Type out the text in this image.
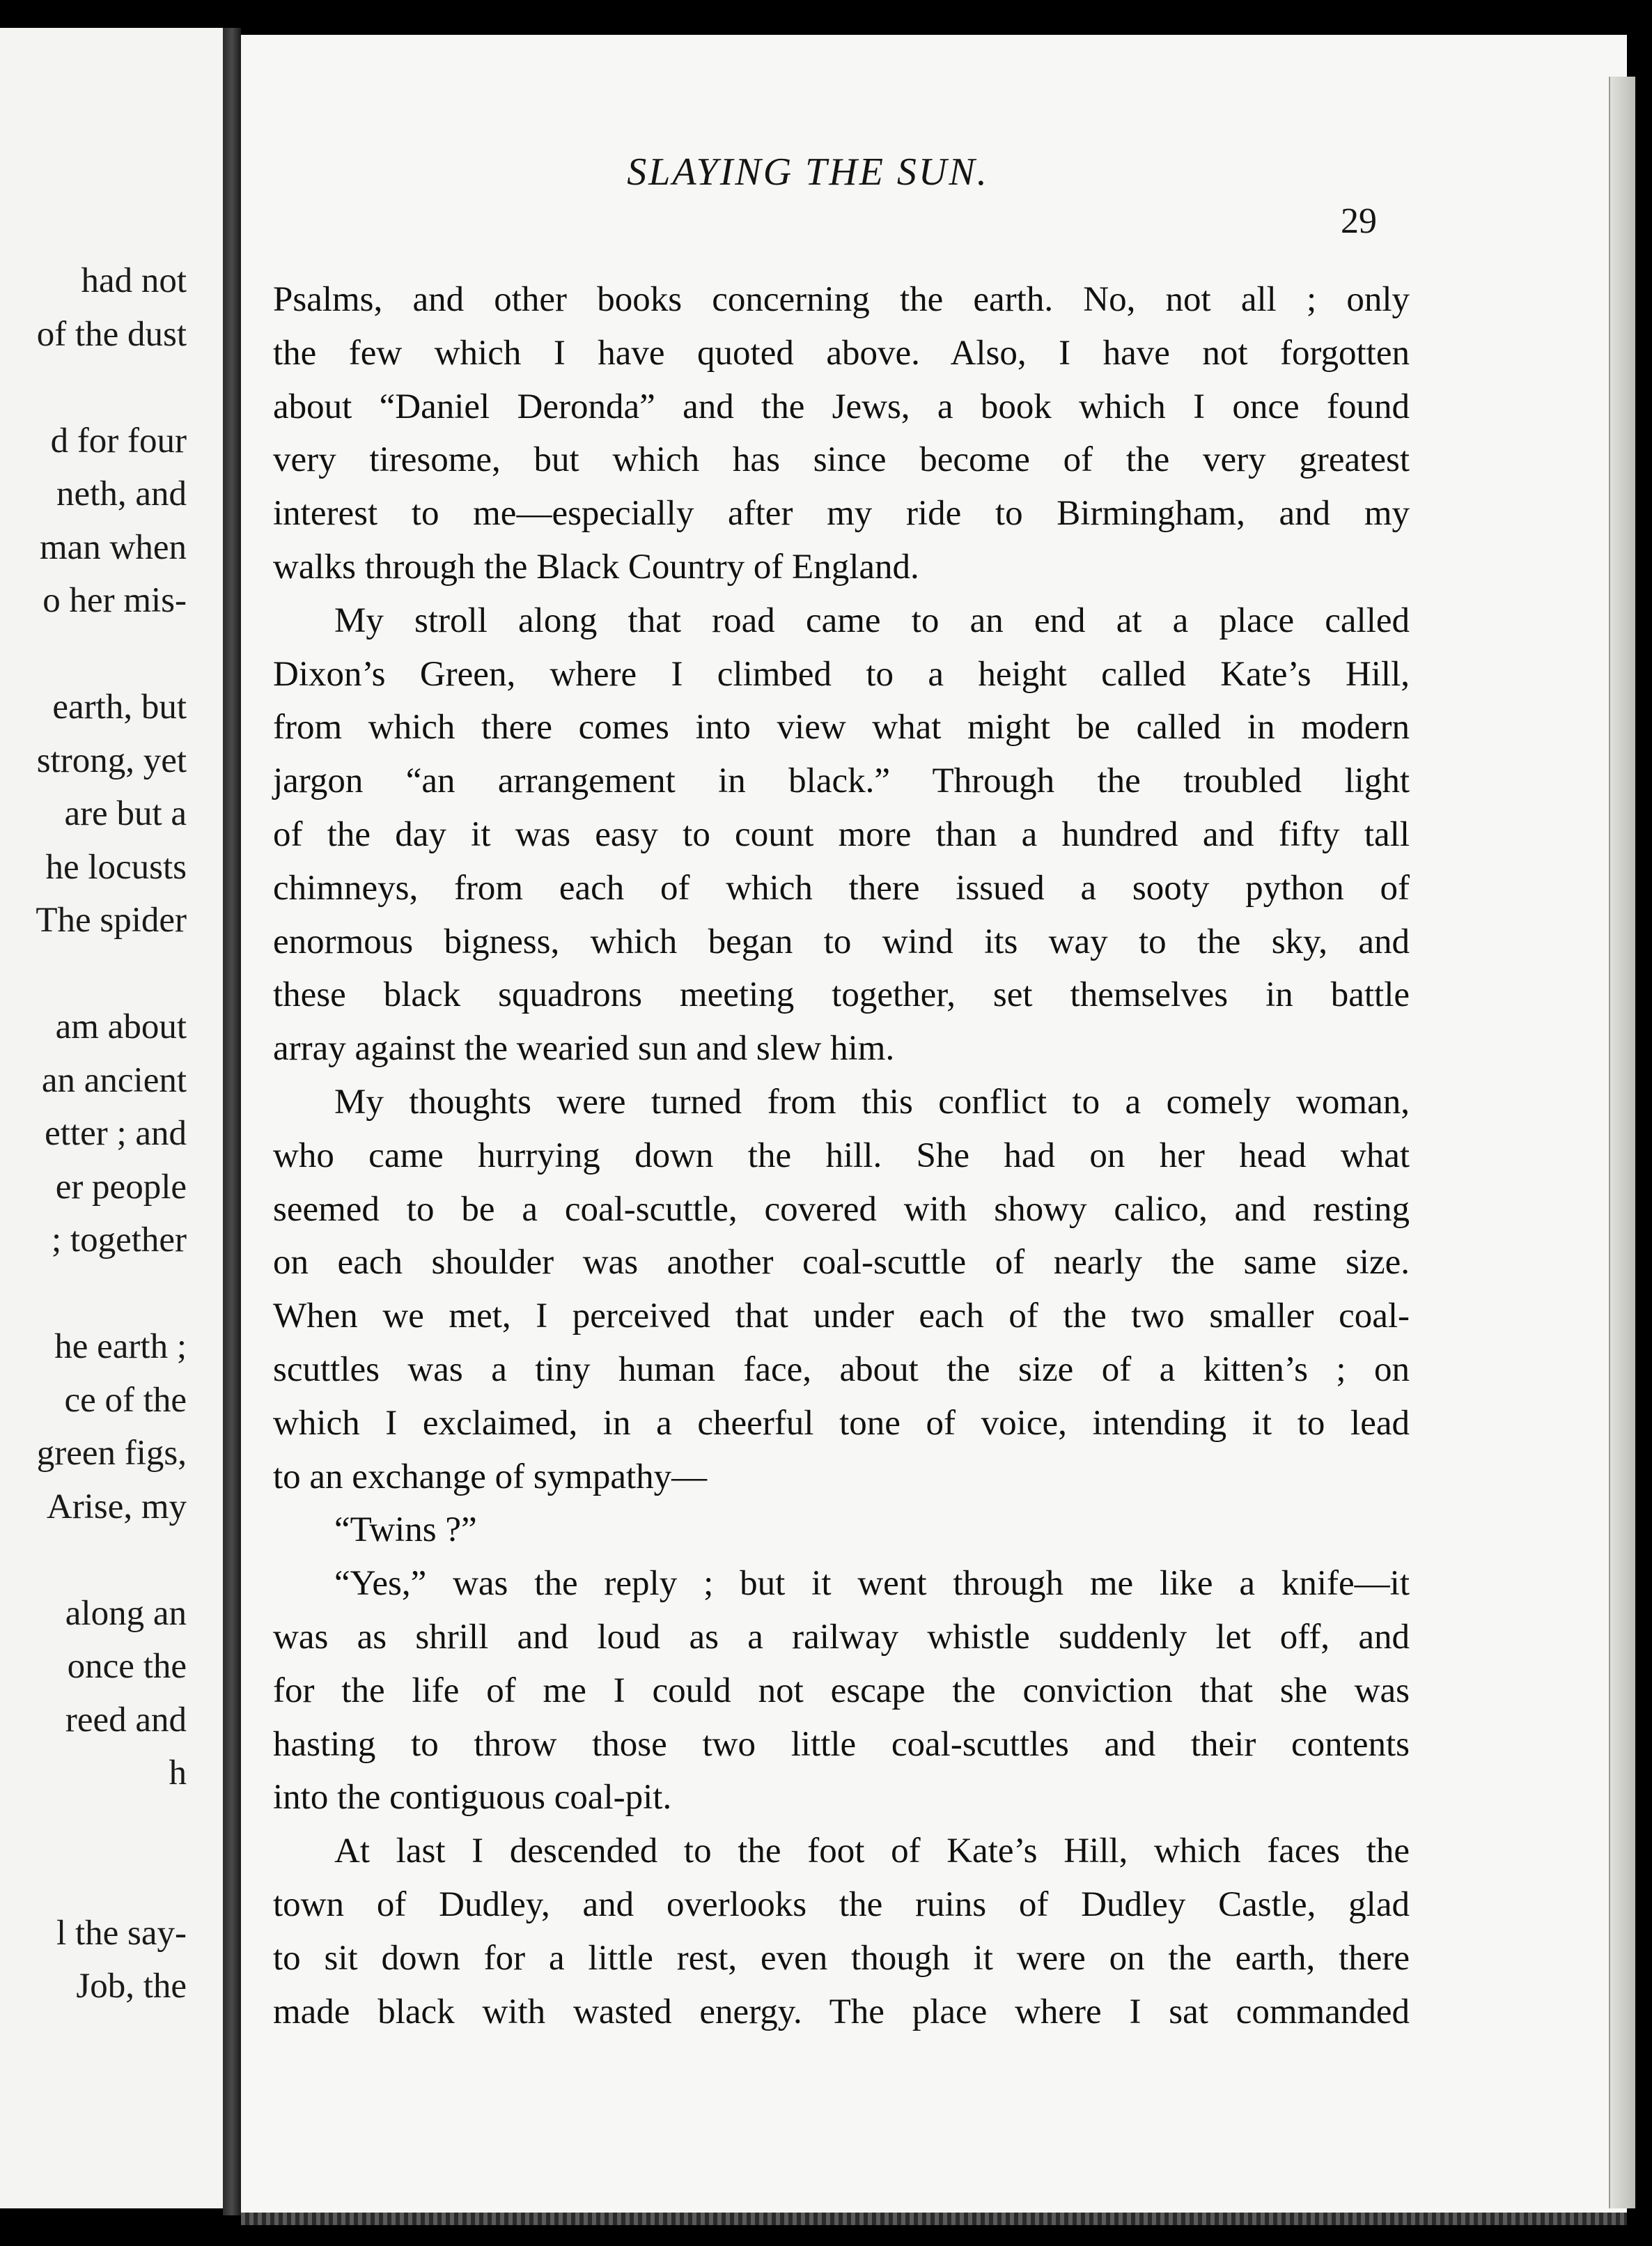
had not
of the dust
d for four
neth, and
man when
o her mis-
earth, but
strong, yet
are but a
he locusts
The spider
am about
an ancient
etter ; and
er people
; together
he earth ;
ce of the
green figs,
Arise, my
along an
once the
reed and
h
l the say-
Job, the
SLAYING THE SUN.
29
Psalms, and other books concerning the earth. No, not all ; only
the few which I have quoted above. Also, I have not forgotten
about “Daniel Deronda” and the Jews, a book which I once found
very tiresome, but which has since become of the very greatest
interest to me—especially after my ride to Birmingham, and my
walks through the Black Country of England.
My stroll along that road came to an end at a place called
Dixon’s Green, where I climbed to a height called Kate’s Hill,
from which there comes into view what might be called in modern
jargon “an arrangement in black.” Through the troubled light
of the day it was easy to count more than a hundred and fifty tall
chimneys, from each of which there issued a sooty python of
enormous bigness, which began to wind its way to the sky, and
these black squadrons meeting together, set themselves in battle
array against the wearied sun and slew him.
My thoughts were turned from this conflict to a comely woman,
who came hurrying down the hill. She had on her head what
seemed to be a coal-scuttle, covered with showy calico, and resting
on each shoulder was another coal-scuttle of nearly the same size.
When we met, I perceived that under each of the two smaller coal-
scuttles was a tiny human face, about the size of a kitten’s ; on
which I exclaimed, in a cheerful tone of voice, intending it to lead
to an exchange of sympathy—
“Twins ?”
“Yes,” was the reply ; but it went through me like a knife—it
was as shrill and loud as a railway whistle suddenly let off, and
for the life of me I could not escape the conviction that she was
hasting to throw those two little coal-scuttles and their contents
into the contiguous coal-pit.
At last I descended to the foot of Kate’s Hill, which faces the
town of Dudley, and overlooks the ruins of Dudley Castle, glad
to sit down for a little rest, even though it were on the earth, there
made black with wasted energy. The place where I sat commanded
